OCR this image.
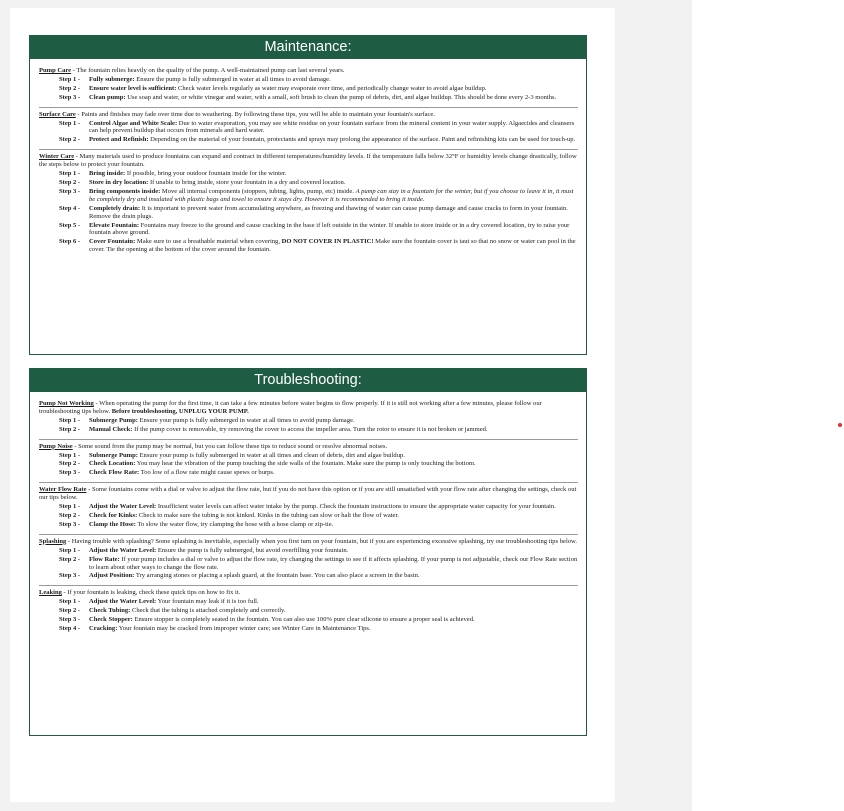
Maintenance:

Pump Care - The fountain relies heavily on the quality of the pump. A well-maintained pump can last several years.

Step 1 - Fully submerge: Ensure the pump is fully submerged in water at all times to avoid damage.

Step 2 - Ensure water level is sufficient: Check water levels regularly as water may evaporate over time, and periodically change water to avoid algae buildup.

Step 3 - Clean pump: Use soap and water, or white vinegar and water, with a small, soft brush to clean the pump of debris, dirt, and algae buildup. This should be done every 2-3 months.

Surface Care - Paints and finishes may fade over time due to weathering. By following these tips, you will be able to maintain your fountain's surface.

Step 1 - Control Algae and White Scale: Due to water evaporation, you may see white residue on your fountain surface from the mineral content in your water supply. Algaecides and cleansers can help prevent buildup that occurs from minerals and hard water.

Step 2 - Protect and Refinish: Depending on the material of your fountain, protectants and sprays may prolong the appearance of the surface. Paint and refinishing kits can be used for touch-up.

Winter Care - Many materials used to produce fountains can expand and contract in different temperatures/humidity levels. If the temperature falls below 32°F or humidity levels change drastically, follow the steps below to protect your fountain.

Step 1 - Bring inside: If possible, bring your outdoor fountain inside for the winter.

Step 2 - Store in dry location: If unable to bring inside, store your fountain in a dry and covered location.

Step 3 - Bring components inside: Move all internal components (stoppers, tubing, lights, pump, etc) inside. A pump can stay in a fountain for the winter, but if you choose to leave it in, it must be completely dry and insulated with plastic bags and towel to ensure it stays dry. However it is recommended to bring it inside.

Step 4 - Completely drain: It is important to prevent water from accumulating anywhere, as freezing and thawing of water can cause pump damage and cause cracks to form in your fountain. Remove the drain plugs.

Step 5 - Elevate Fountain: Fountains may freeze to the ground and cause cracking in the base if left outside in the winter. If unable to store inside or in a dry covered location, try to raise your fountain above ground.

Step 6 - Cover Fountain: Make sure to use a breathable material when covering, DO NOT COVER IN PLASTIC! Make sure the fountain cover is taut so that no snow or water can pool in the cover. Tie the opening at the bottom of the cover around the fountain.

Troubleshooting:

Pump Not Working - When operating the pump for the first time, it can take a few minutes before water begins to flow properly. If it is still not working after a few minutes, please follow our troubleshooting tips below. Before troubleshooting, UNPLUG YOUR PUMP.

Step 1 - Submerge Pump: Ensure your pump is fully submerged in water at all times to avoid pump damage.

Step 2 - Manual Check: If the pump cover is removable, try removing the cover to access the impeller area. Turn the rotor to ensure it is not broken or jammed.

Pump Noise - Some sound from the pump may be normal, but you can follow these tips to reduce sound or resolve abnormal noises.

Step 1 - Submerge Pump: Ensure your pump is fully submerged in water at all times and clean of debris, dirt and algae buildup.

Step 2 - Check Location: You may hear the vibration of the pump touching the side walls of the fountain. Make sure the pump is only touching the bottom.

Step 3 - Check Flow Rate: Too low of a flow rate might cause spews or burps.

Water Flow Rate - Some fountains come with a dial or valve to adjust the flow rate, but if you do not have this option or if you are still unsatisfied with your flow rate after changing the settings, check out our tips below.

Step 1 - Adjust the Water Level: Insufficient water levels can affect water intake by the pump. Check the fountain instructions to ensure the appropriate water capacity for your fountain.

Step 2 - Check for Kinks: Check to make sure the tubing is not kinked. Kinks in the tubing can slow or halt the flow of water.

Step 3 - Clamp the Hose: To slow the water flow, try clamping the hose with a hose clamp or zip-tie.

Splashing - Having trouble with splashing? Some splashing is inevitable, especially when you first turn on your fountain, but if you are experiencing excessive splashing, try our troubleshooting tips below.

Step 1 - Adjust the Water Level: Ensure the pump is fully submerged, but avoid overfilling your fountain.

Step 2 - Flow Rate: If your pump includes a dial or valve to adjust the flow rate, try changing the settings to see if it affects splashing. If your pump is not adjustable, check our Flow Rate section to learn about other ways to change the flow rate.

Step 3 - Adjust Position: Try arranging stones or placing a splash guard, at the fountain base. You can also place a screen in the basin.

Leaking - If your fountain is leaking, check these quick tips on how to fix it.

Step 1 - Adjust the Water Level: Your fountain may leak if it is too full.

Step 2 - Check Tubing: Check that the tubing is attached completely and correctly.

Step 3 - Check Stopper: Ensure stopper is completely seated in the fountain. You can also use 100% pure clear silicone to ensure a proper seal is achieved.

Step 4 - Cracking: Your fountain may be cracked from improper winter care; see Winter Care in Maintenance Tips.
